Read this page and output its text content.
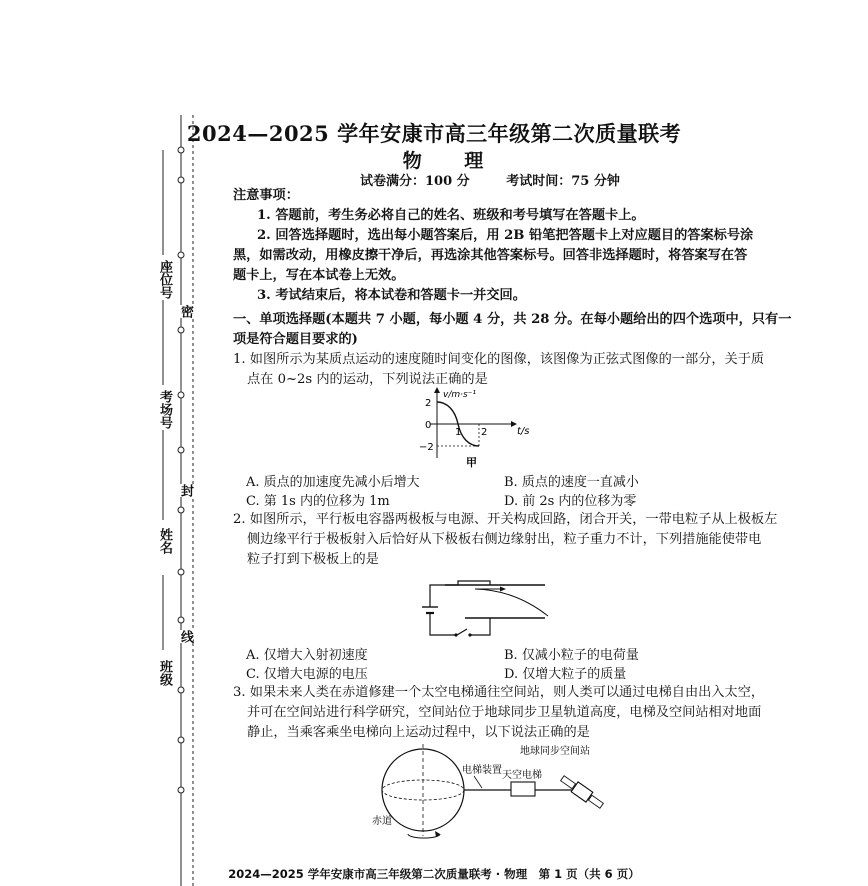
座位号
考场号
姓名
班级
密
封
线
2024—2025 学年安康市高三年级第二次质量联考
物 理
试卷满分：100 分	考试时间：75 分钟
注意事项：
1. 答题前，考生务必将自己的姓名、班级和考号填写在答题卡上。
2. 回答选择题时，选出每小题答案后，用 2B 铅笔把答题卡上对应题目的答案标号涂
黑，如需改动，用橡皮擦干净后，再选涂其他答案标号。回答非选择题时，将答案写在答
题卡上，写在本试卷上无效。
3. 考试结束后，将本试卷和答题卡一并交回。
一、单项选择题(本题共 7 小题，每小题 4 分，共 28 分。在每小题给出的四个选项中，只有一
项是符合题目要求的)
1. 如图所示为某质点运动的速度随时间变化的图像，该图像为正弦式图像的一部分，关于质
点在 0~2s 内的运动，下列说法正确的是
v/m·s⁻¹
t/s
2
0
−2
1 2
甲
A. 质点的加速度先减小后增大	B. 质点的速度一直减小
C. 第 1s 内的位移为 1m	D. 前 2s 内的位移为零
2. 如图所示，平行板电容器两极板与电源、开关构成回路，闭合开关，一带电粒子从上极板左
侧边缘平行于极板射入后恰好从下极板右侧边缘射出，粒子重力不计，下列措施能使带电
粒子打到下极板上的是
A. 仅增大入射初速度	B. 仅减小粒子的电荷量
C. 仅增大电源的电压	D. 仅增大粒子的质量
3. 如果未来人类在赤道修建一个太空电梯通往空间站，则人类可以通过电梯自由出入太空，
并可在空间站进行科学研究，空间站位于地球同步卫星轨道高度，电梯及空间站相对地面
静止，当乘客乘坐电梯向上运动过程中，以下说法正确的是
地球同步空间站
电梯装置 天空电梯
赤道
2024—2025 学年安康市高三年级第二次质量联考 · 物理　第 1 页（共 6 页）
